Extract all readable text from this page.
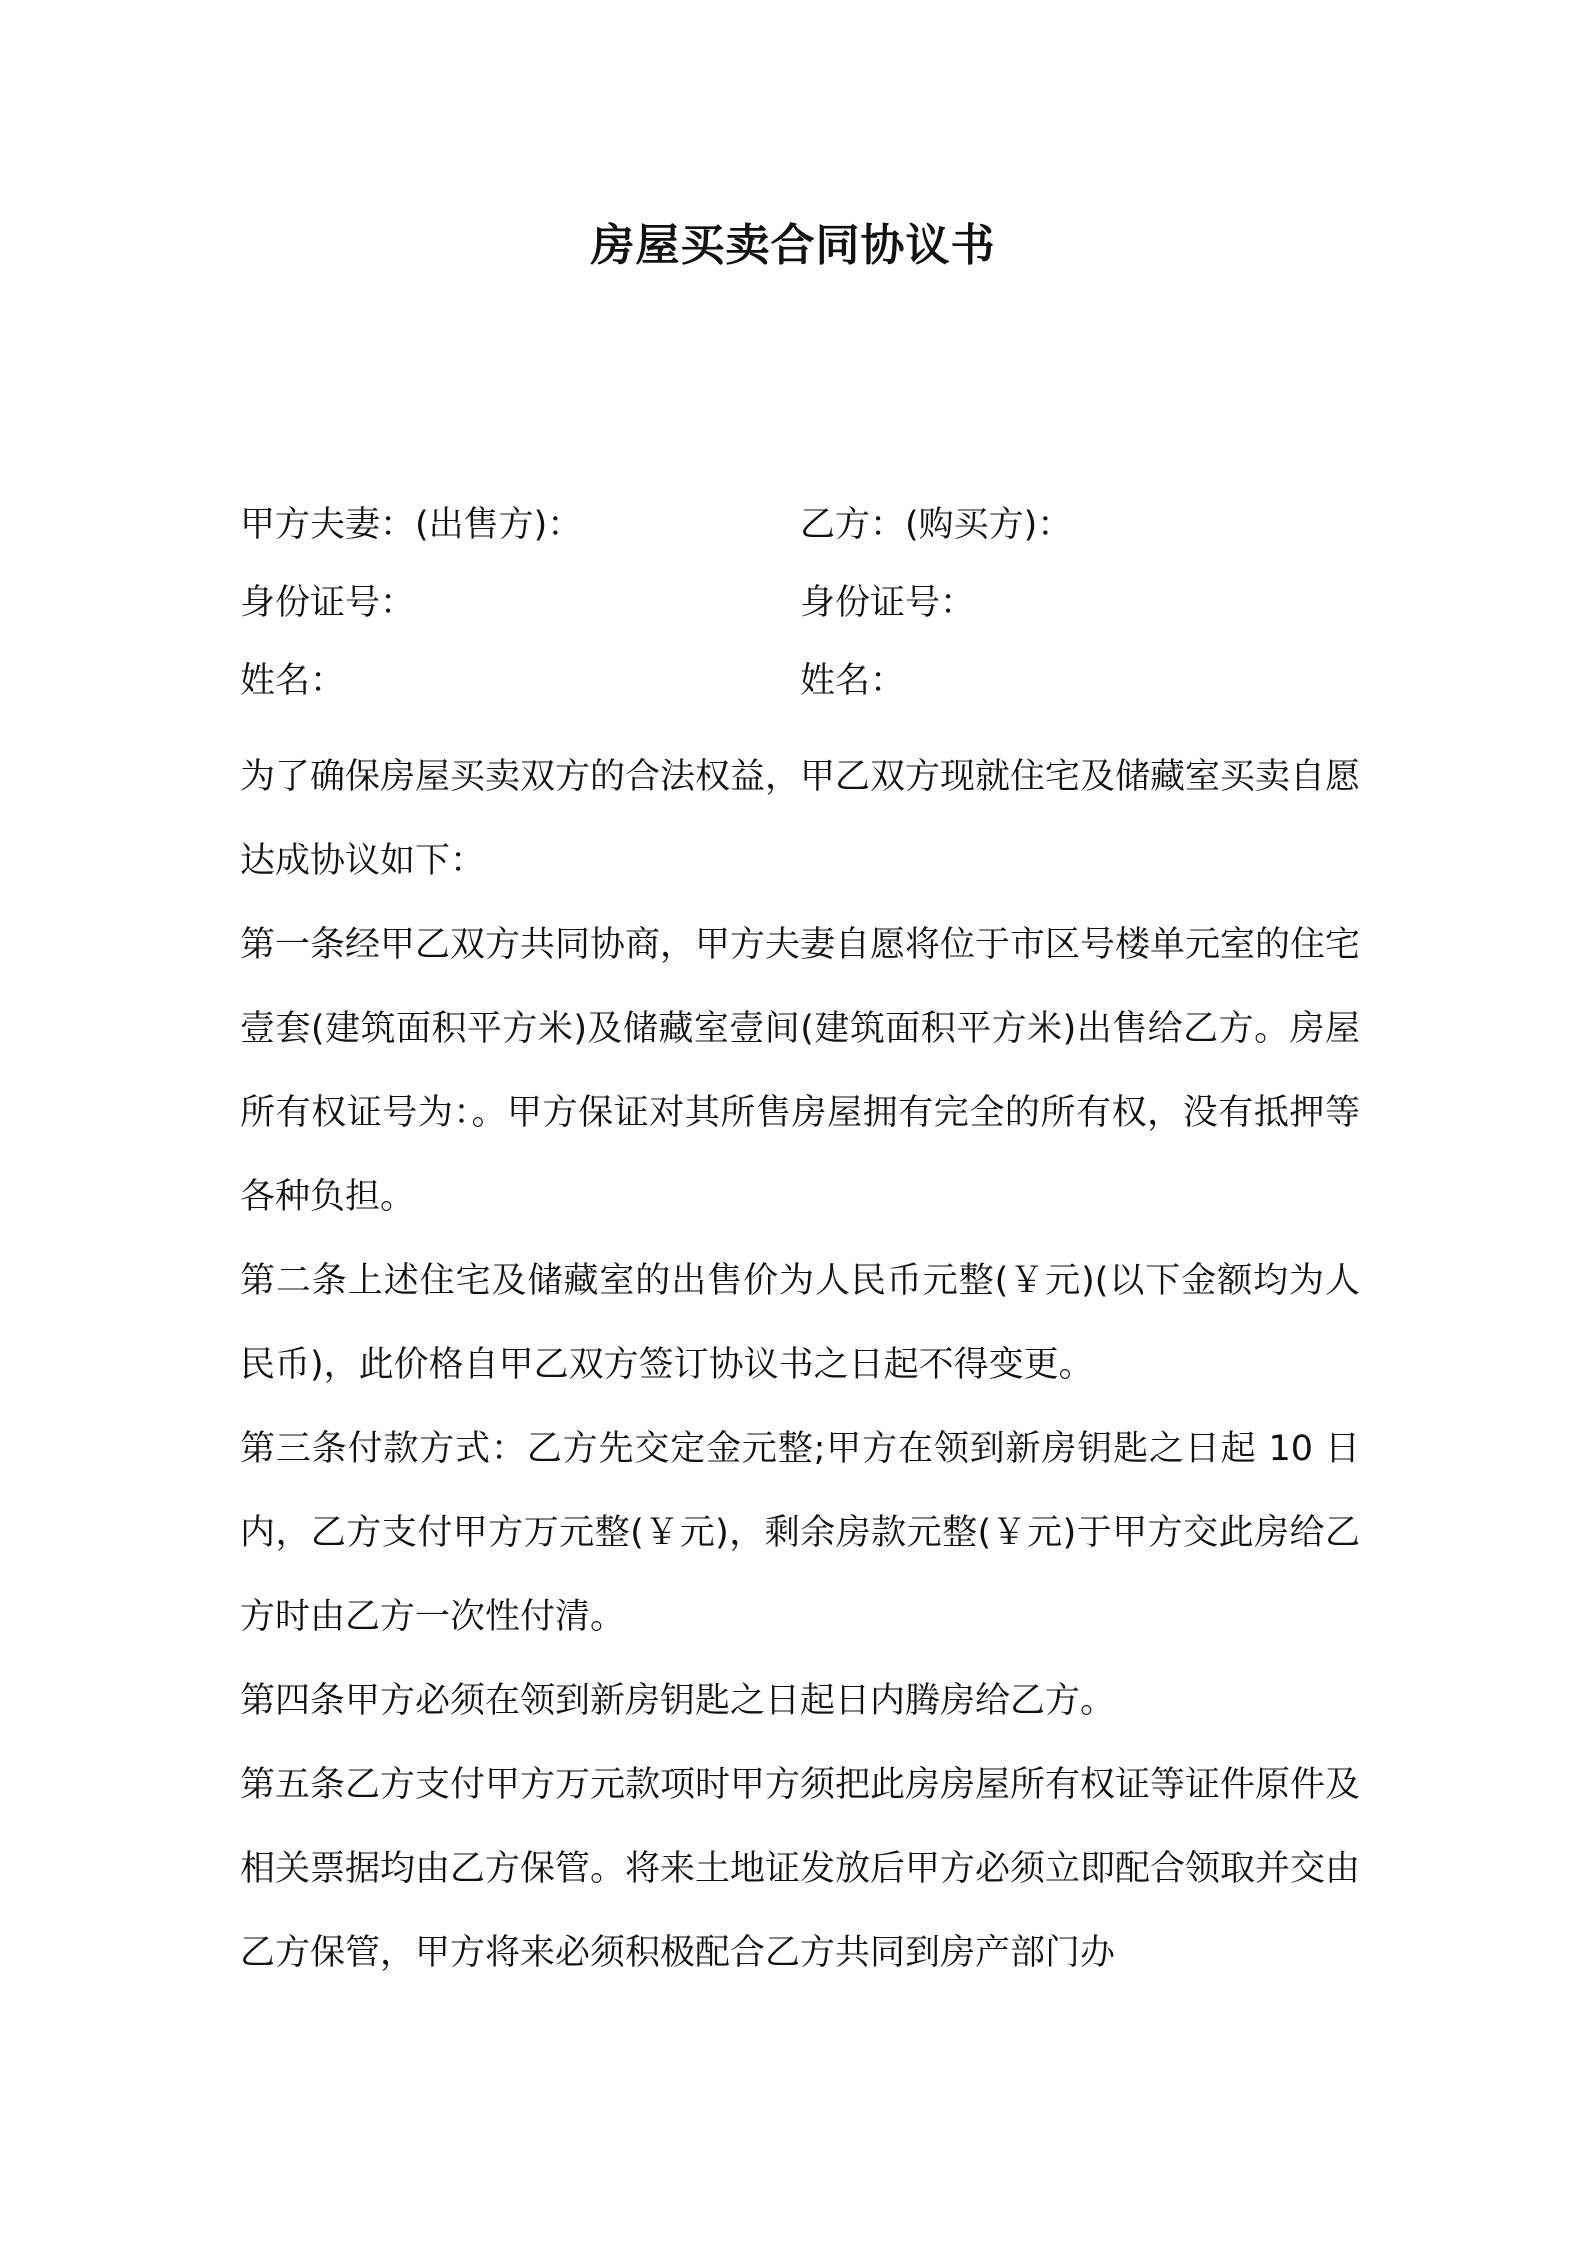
房屋买卖合同协议书
甲方夫妻：(出售方)：	乙方：(购买方)：
身份证号：	身份证号：
姓名：	姓名：

为了确保房屋买卖双方的合法权益，甲乙双方现就住宅及储藏室买卖自愿达成协议如下：

第一条经甲乙双方共同协商，甲方夫妻自愿将位于市区号楼单元室的住宅壹套(建筑面积平方米)及储藏室壹间(建筑面积平方米)出售给乙方。房屋所有权证号为：。甲方保证对其所售房屋拥有完全的所有权，没有抵押等各种负担。

第二条上述住宅及储藏室的出售价为人民币元整(￥元)(以下金额均为人民币)，此价格自甲乙双方签订协议书之日起不得变更。

第三条付款方式：乙方先交定金元整;甲方在领到新房钥匙之日起 10 日内，乙方支付甲方万元整(￥元)，剩余房款元整(￥元)于甲方交此房给乙方时由乙方一次性付清。

第四条甲方必须在领到新房钥匙之日起日内腾房给乙方。

第五条乙方支付甲方万元款项时甲方须把此房房屋所有权证等证件原件及相关票据均由乙方保管。将来土地证发放后甲方必须立即配合领取并交由乙方保管，甲方将来必须积极配合乙方共同到房产部门办
